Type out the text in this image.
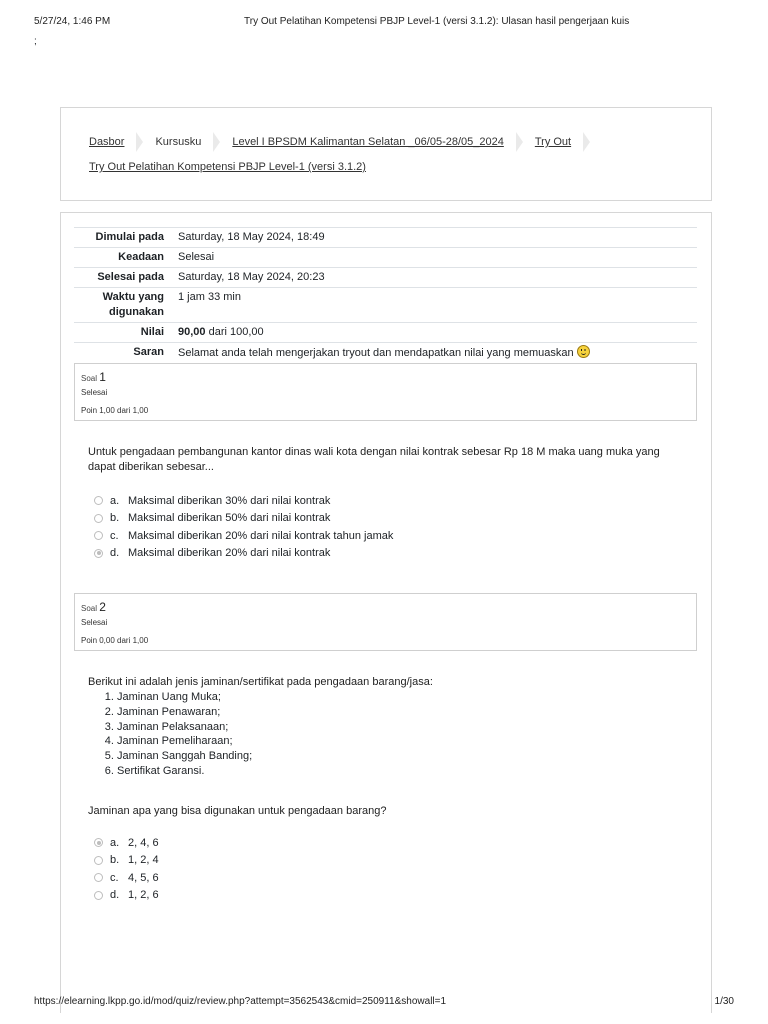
5/27/24, 1:46 PM	Try Out Pelatihan Kompetensi PBJP Level-1 (versi 3.1.2): Ulasan hasil pengerjaan kuis
;
Dasbor	Kursusku	Level I BPSDM Kalimantan Selatan _06/05-28/05_2024	Try Out
Try Out Pelatihan Kompetensi PBJP Level-1 (versi 3.1.2)
Dimulai pada	Saturday, 18 May 2024, 18:49
Keadaan	Selesai
Selesai pada	Saturday, 18 May 2024, 20:23
Waktu yang digunakan	1 jam 33 min
Nilai	90,00 dari 100,00
Saran	Selamat anda telah mengerjakan tryout dan mendapatkan nilai yang memuaskan
Soal 1
Selesai
Poin 1,00 dari 1,00
Untuk pengadaan pembangunan kantor dinas wali kota dengan nilai kontrak sebesar Rp 18 M maka uang muka yang dapat diberikan sebesar...
a. Maksimal diberikan 30% dari nilai kontrak
b. Maksimal diberikan 50% dari nilai kontrak
c. Maksimal diberikan 20% dari nilai kontrak tahun jamak
d. Maksimal diberikan 20% dari nilai kontrak
Soal 2
Selesai
Poin 0,00 dari 1,00
Berikut ini adalah jenis jaminan/sertifikat pada pengadaan barang/jasa:
1. Jaminan Uang Muka;
2. Jaminan Penawaran;
3. Jaminan Pelaksanaan;
4. Jaminan Pemeliharaan;
5. Jaminan Sanggah Banding;
6. Sertifikat Garansi.
Jaminan apa yang bisa digunakan untuk pengadaan barang?
a. 2, 4, 6
b. 1, 2, 4
c. 4, 5, 6
d. 1, 2, 6
https://elearning.lkpp.go.id/mod/quiz/review.php?attempt=3562543&cmid=250911&showall=1	1/30
